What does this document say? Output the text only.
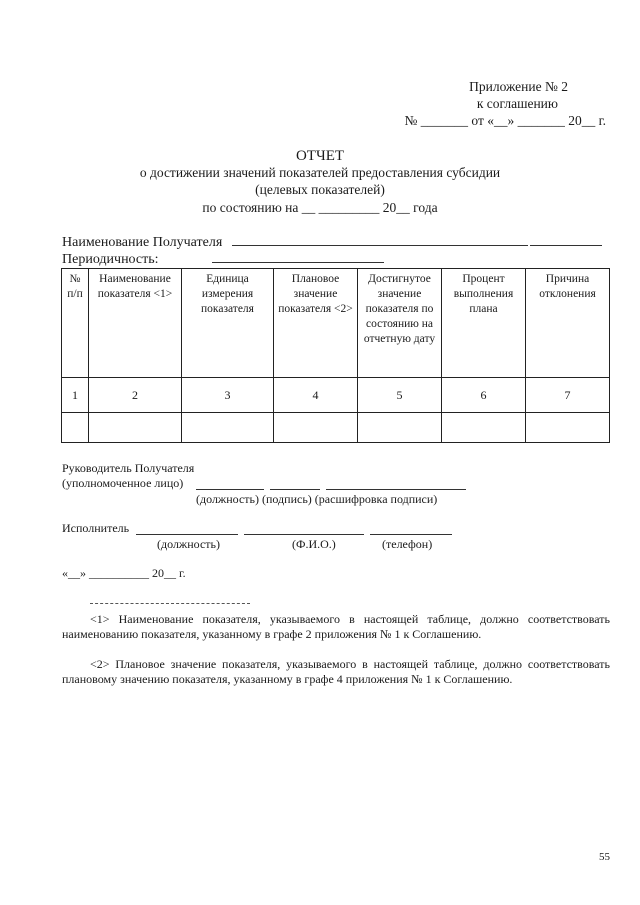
Приложение № 2
к соглашению
№ _______ от «__» _______ 20__ г.
ОТЧЕТ
о достижении значений показателей предоставления субсидии
(целевых показателей)
по состоянию на __ _________ 20__ года
Наименование Получателя
Периодичность:
№ п/п	Наименование показателя <1>	Единица измерения показателя	Плановое значение показателя <2>	Достигнутое значение показателя по состоянию на отчетную дату	Процент выполнения плана	Причина отклонения
1	2	3	4	5	6	7

Руководитель Получателя
(уполномоченное лицо)
(должность) (подпись) (расшифровка подписи)
Исполнитель
(должность)	(Ф.И.О.)	(телефон)
«__» __________ 20__ г.
<1> Наименование показателя, указываемого в настоящей таблице, должно соответствовать наименованию показателя, указанному в графе 2 приложения № 1 к Соглашению.
<2> Плановое значение показателя, указываемого в настоящей таблице, должно соответствовать плановому значению показателя, указанному в графе 4 приложения № 1 к Соглашению.
55
